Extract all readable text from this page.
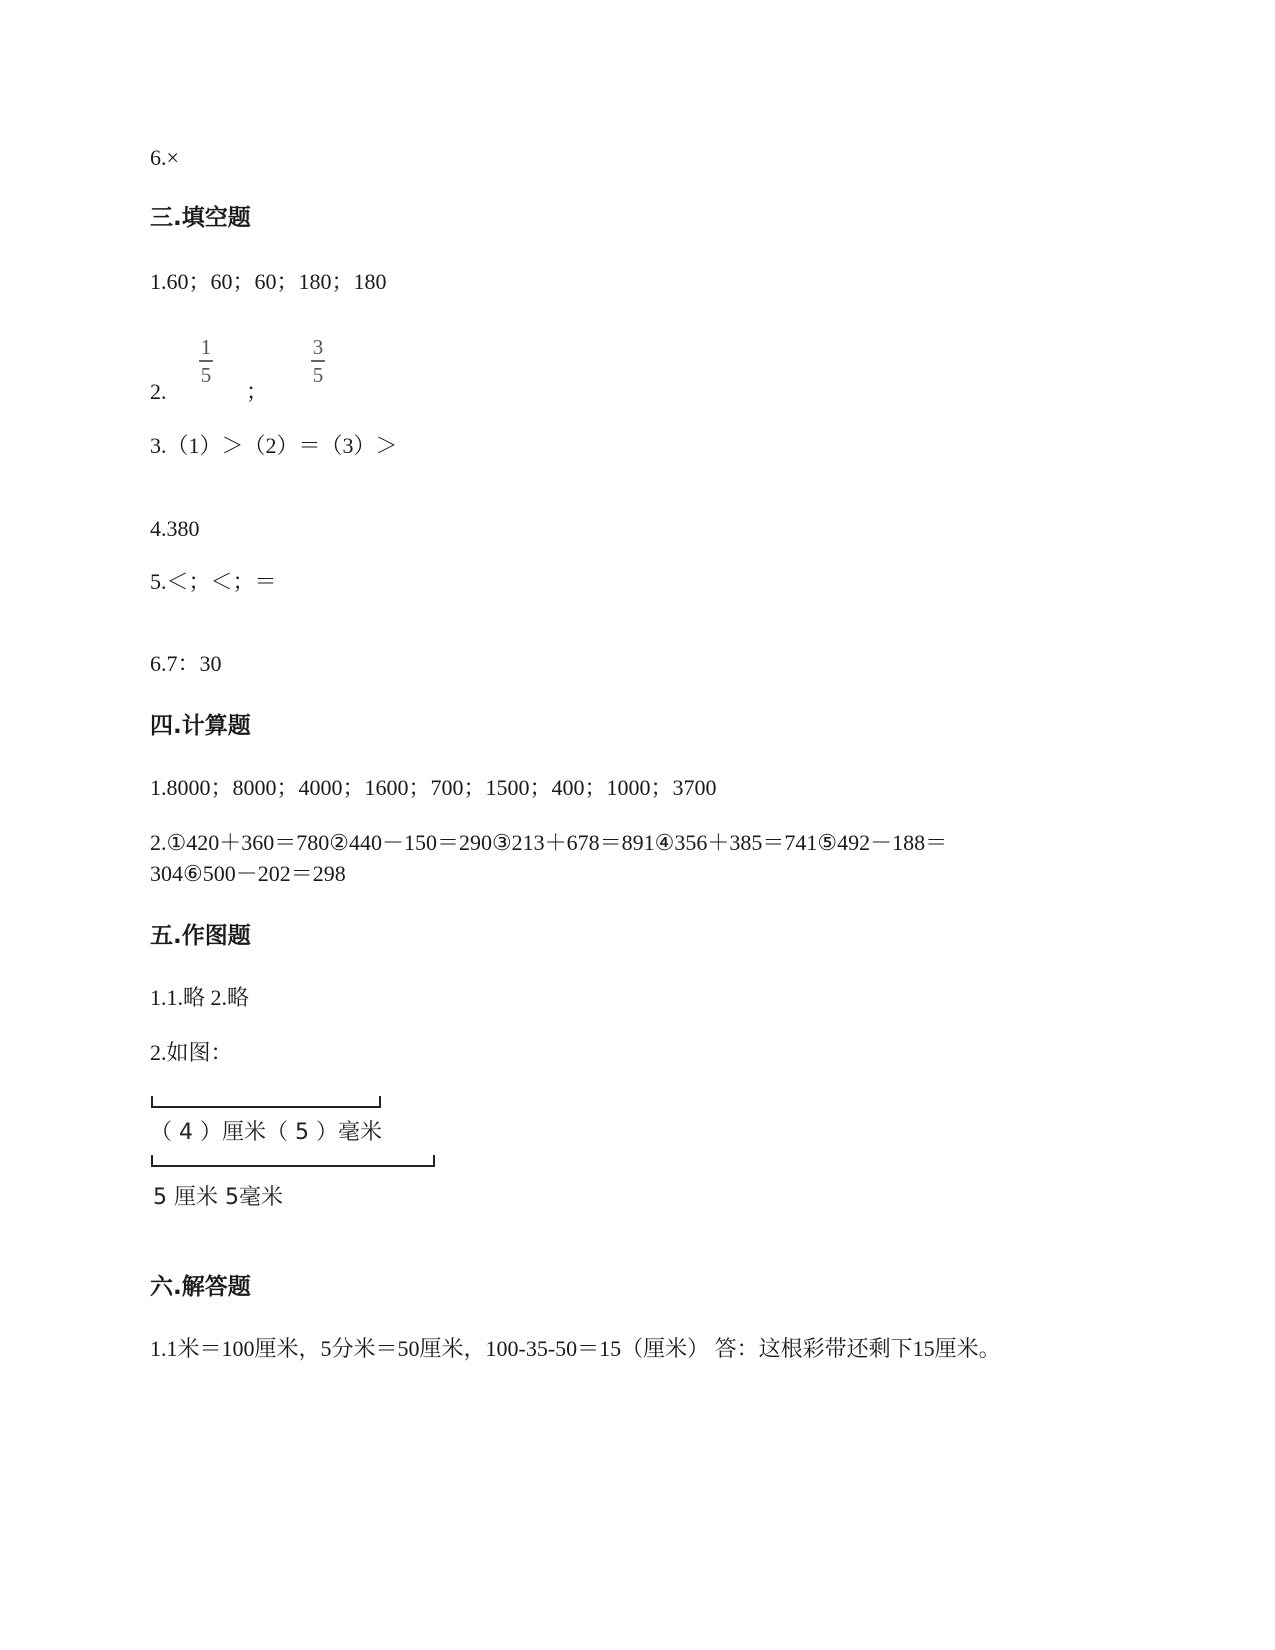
6.×
三.填空题
1.60；60；60；180；180
2.
1
5
；
3
5
3.（1）＞（2）＝（3）＞
4.380
5.＜；＜；＝
6.7：30
四.计算题
1.8000；8000；4000；1600；700；1500；400；1000；3700
2.①420＋360＝780②440－150＝290③213＋678＝891④356＋385＝741⑤492－188＝
304⑥500－202＝298
五.作图题
1.1.略 2.略
2.如图：
（ 4 ）厘米（ 5 ）毫米
5 厘米 5毫米
六.解答题
1.1米＝100厘米，5分米＝50厘米，100-35-50＝15（厘米） 答：这根彩带还剩下15厘米。
